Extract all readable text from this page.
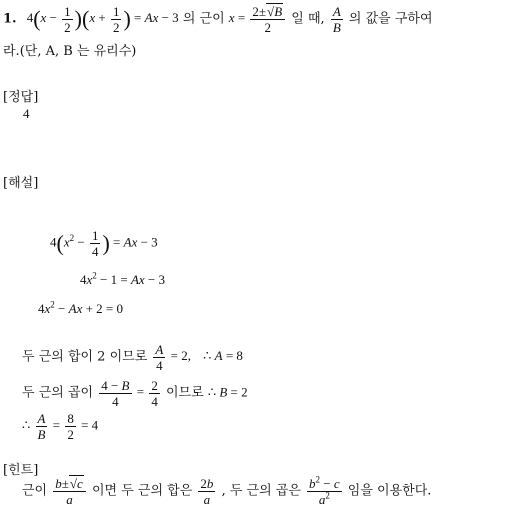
1. $4(x - \frac{1}{2} )(x + \frac{1}{2}$ ) = Ax − 3 의 근이 $x = \frac{2\pm√B}{2}$ 일 때, $\frac{A}{B}$ 의 값을 구하여
라.(단, A, B 는 유리수)
[정답]
4
[해설]
$4(x^2 - \frac{1}{4}$ ) = Ax − 3
$4x^2 - 1 = Ax - 3$
$4x^2 - Ax + 2 = 0$
두 근의 합이 2 이므로 $\frac{A}{4} = 2$, ∴ A = 8
두 근의 곱이 $\frac{4 - B}{4} = \frac{2}{4}$ 이므로 ∴ B = 2
∴ $\frac{A}{B} = \frac{8}{2} = 4$
[힌트]
근이 $\frac{b\pm√c}{a}$ 이면 두 근의 합은 $\frac{2b}{a}$ , 두 근의 곱은 $\frac{b^2 - c}{a^2}$ 임을 이용한다.
